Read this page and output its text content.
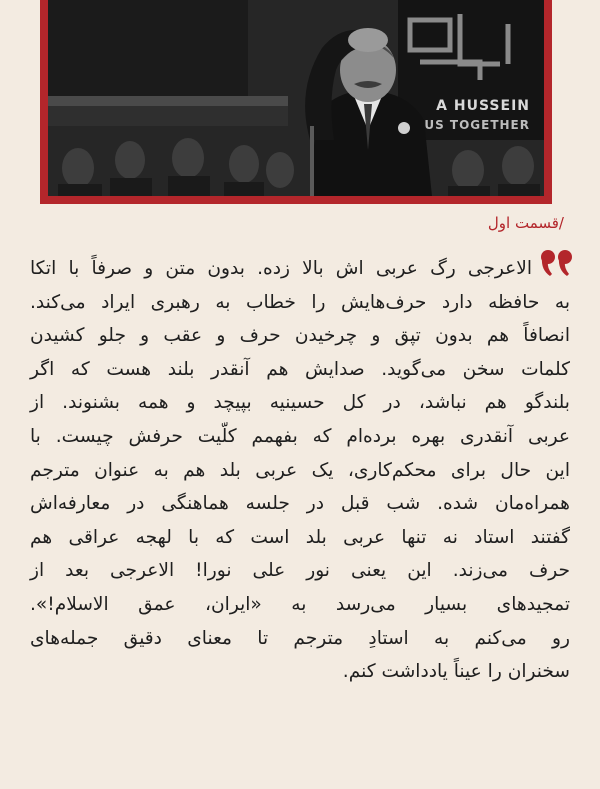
A HUSSEIN
US TOGETHER
/قسمت اول
الاعرجی رگ عربی اش بالا زده. بدون متن و صرفاً با اتکا
به حافظه دارد حرف‌هایش را خطاب به رهبری ایراد می‌کند.
انصافاً هم بدون تپق و چرخیدن حرف و عقب و جلو کشیدن
کلمات سخن می‌گوید. صدایش هم آنقدر بلند هست که اگر
بلندگو هم نباشد، در کل حسینیه بپیچد و همه بشنوند. از
عربی آنقدری بهره برده‌ام که بفهمم کلّیت حرفش چیست. با
این حال برای محکم‌کاری، یک عربی بلد هم به عنوان مترجم
همراه‌مان شده. شب قبل در جلسه هماهنگی در معارفه‌اش
گفتند استاد نه تنها عربی بلد است که با لهجه عراقی هم
حرف می‌زند. این یعنی نور علی نورا! الاعرجی بعد از
تمجیدهای بسیار می‌رسد به «ایران، عمق الاسلام!».
رو می‌کنم به استادِ مترجم تا معنای دقیق جمله‌های
سخنران را عیناً یادداشت کنم.
